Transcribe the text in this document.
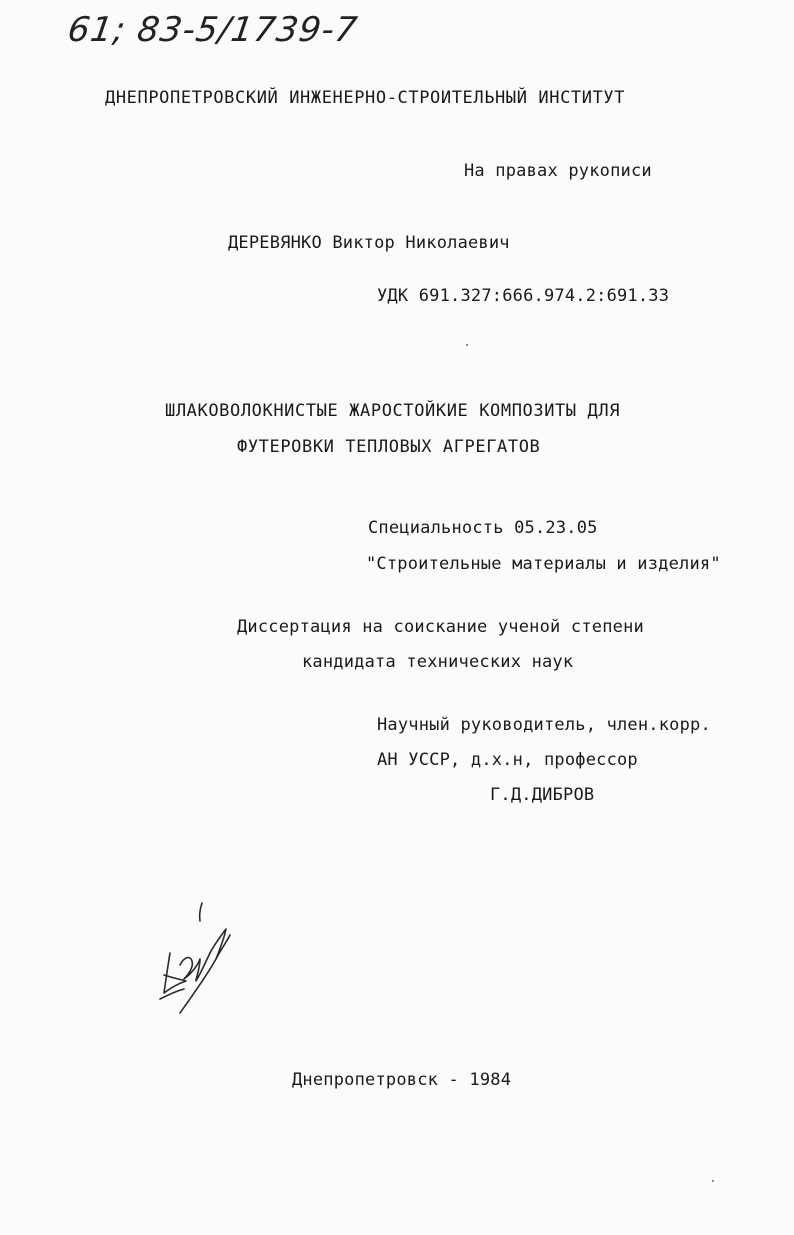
61; 83-5/1739-7
ДНЕПРОПЕТРОВСКИЙ ИНЖЕНЕРНО-СТРОИТЕЛЬНЫЙ ИНСТИТУТ
На правах рукописи
ДЕРЕВЯНКО Виктор Николаевич
УДК 691.327:666.974.2:691.33
ШЛАКОВОЛОКНИСТЫЕ ЖАРОСТОЙКИЕ КОМПОЗИТЫ ДЛЯ
ФУТЕРОВКИ ТЕПЛОВЫХ АГРЕГАТОВ
Специальность 05.23.05
"Строительные материалы и изделия"
Диссертация на соискание ученой степени
кандидата технических наук
Научный руководитель, член.корр.
АН УССР, д.х.н, профессор
Г.Д.ДИБРОВ
Днепропетровск - 1984
